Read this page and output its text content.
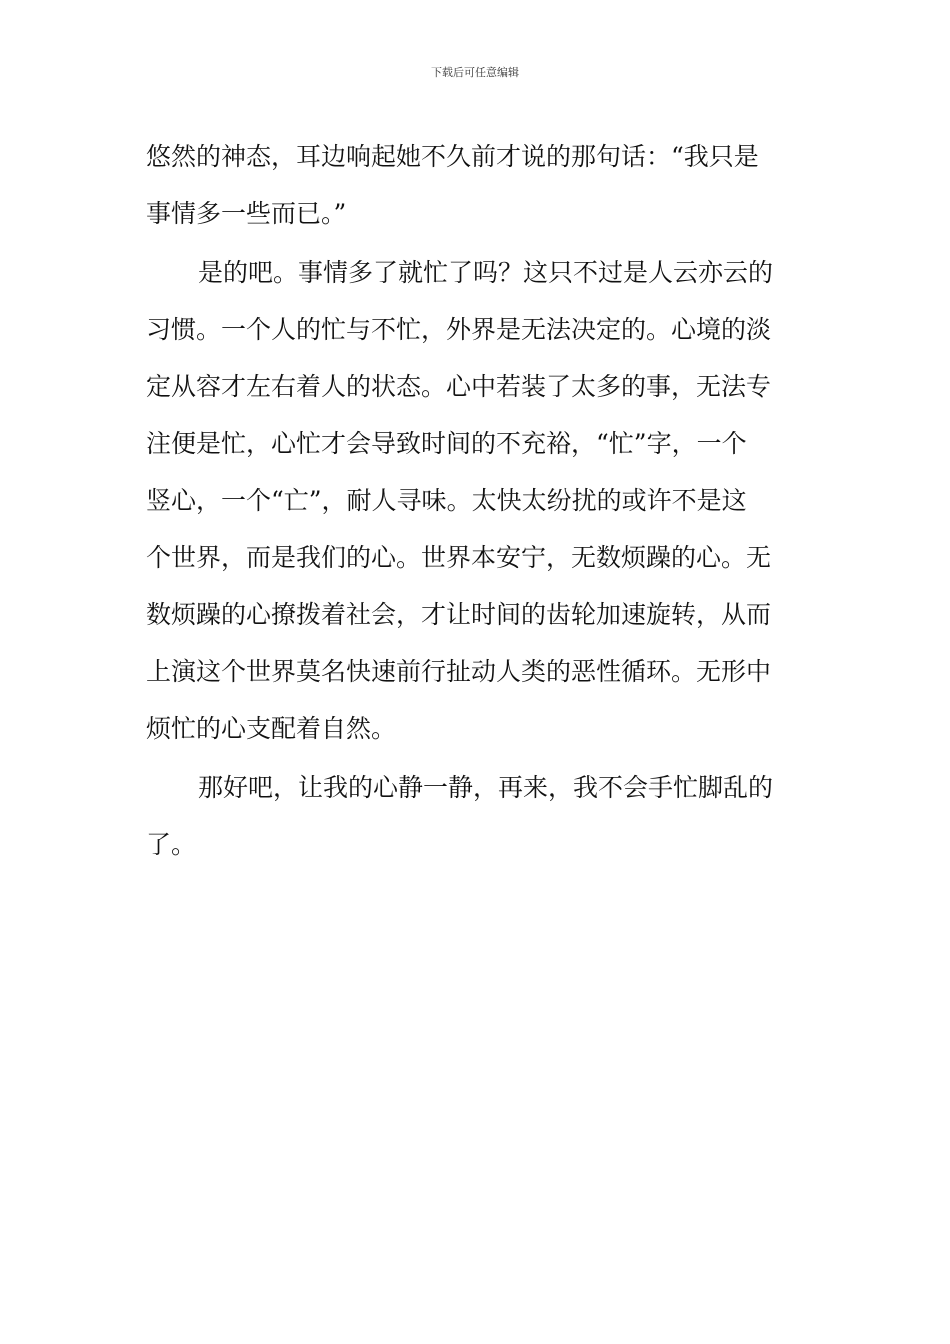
下载后可任意编辑
悠然的神态，耳边响起她不久前才说的那句话：“我只是
事情多一些而已。”
是的吧。事情多了就忙了吗？这只不过是人云亦云的
习惯。一个人的忙与不忙，外界是无法决定的。心境的淡
定从容才左右着人的状态。心中若装了太多的事，无法专
注便是忙，心忙才会导致时间的不充裕，“忙”字，一个
竖心，一个“亡”，耐人寻味。太快太纷扰的或许不是这
个世界，而是我们的心。世界本安宁，无数烦躁的心。无
数烦躁的心撩拨着社会，才让时间的齿轮加速旋转，从而
上演这个世界莫名快速前行扯动人类的恶性循环。无形中
烦忙的心支配着自然。
那好吧，让我的心静一静，再来，我不会手忙脚乱的
了。
